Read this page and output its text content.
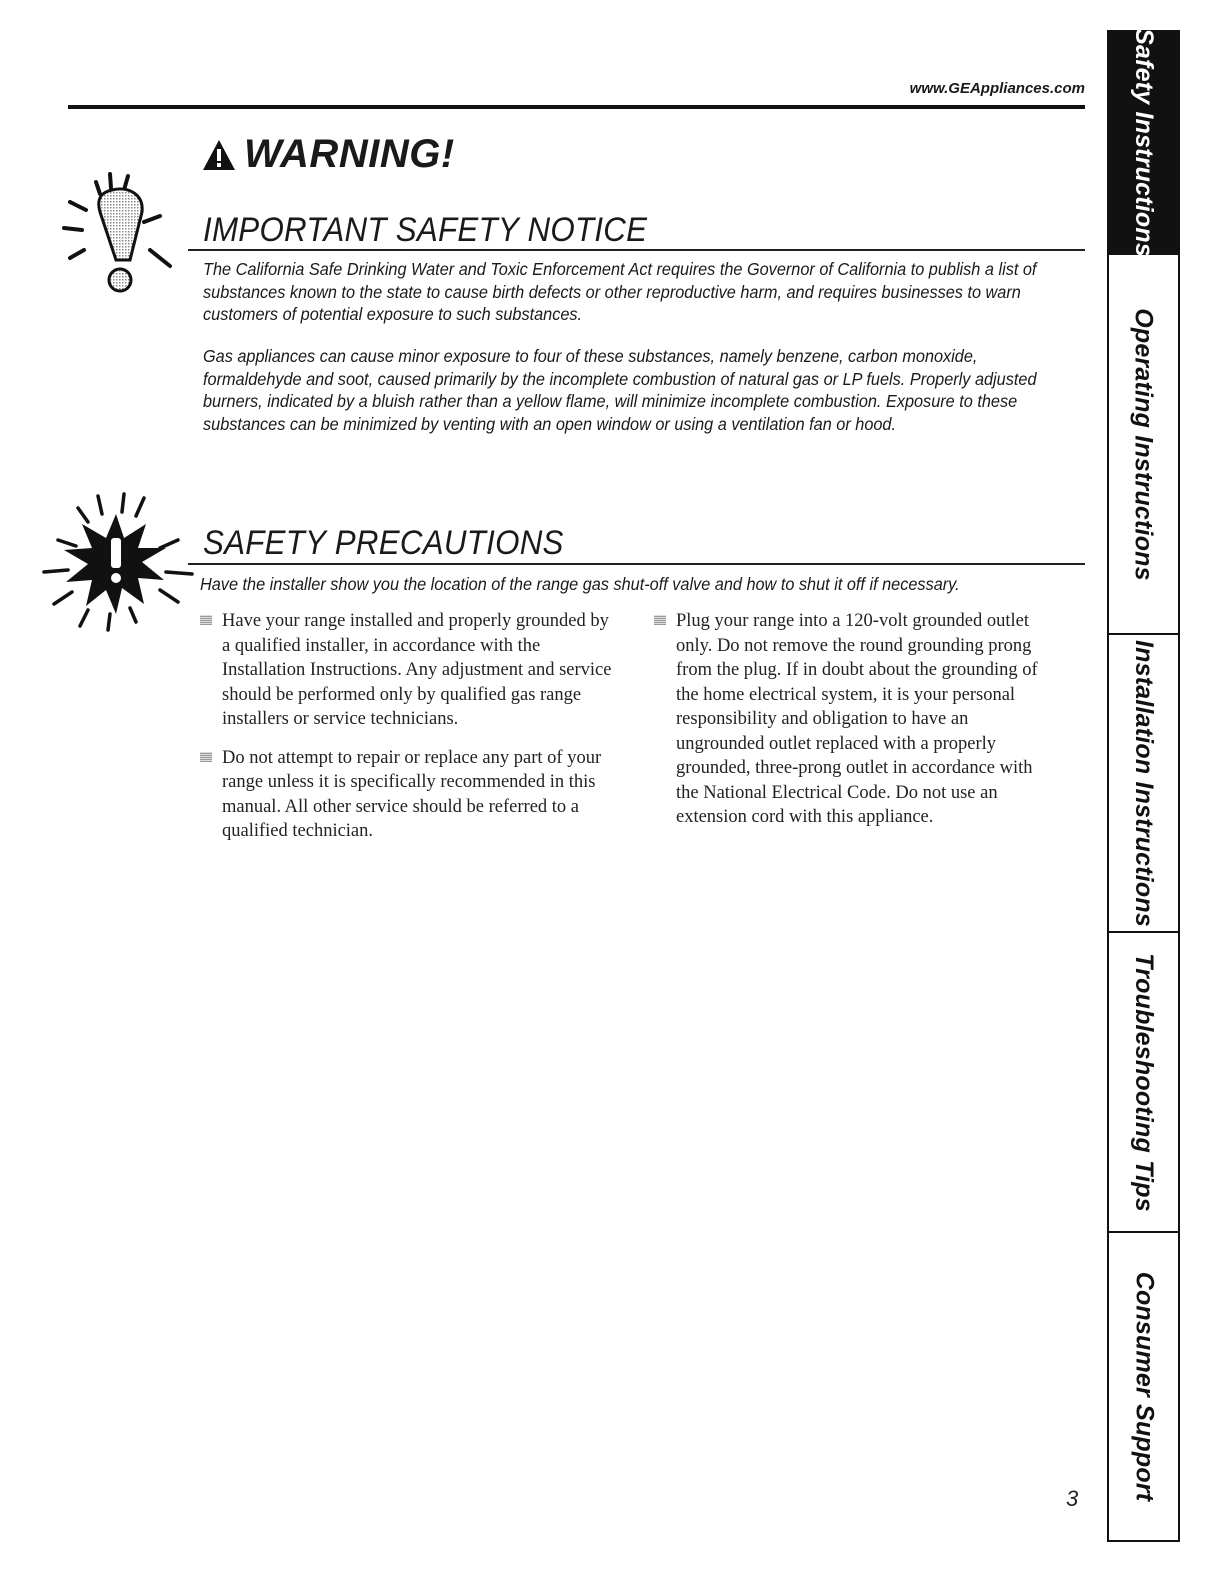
www.GEAppliances.com
WARNING!
IMPORTANT SAFETY NOTICE

The California Safe Drinking Water and Toxic Enforcement Act requires the Governor of California to publish a list of substances known to the state to cause birth defects or other reproductive harm, and requires businesses to warn customers of potential exposure to such substances.

Gas appliances can cause minor exposure to four of these substances, namely benzene, carbon monoxide, formaldehyde and soot, caused primarily by the incomplete combustion of natural gas or LP fuels. Properly adjusted burners, indicated by a bluish rather than a yellow flame, will minimize incomplete combustion. Exposure to these substances can be minimized by venting with an open window or using a ventilation fan or hood.

SAFETY PRECAUTIONS

Have the installer show you the location of the range gas shut-off valve and how to shut it off if necessary.

Have your range installed and properly grounded by a qualified installer, in accordance with the Installation Instructions. Any adjustment and service should be performed only by qualified gas range installers or service technicians.

Do not attempt to repair or replace any part of your range unless it is specifically recommended in this manual. All other service should be referred to a qualified technician.

Plug your range into a 120-volt grounded outlet only. Do not remove the round grounding prong from the plug. If in doubt about the grounding of the home electrical system, it is your personal responsibility and obligation to have an ungrounded outlet replaced with a properly grounded, three-prong outlet in accordance with the National Electrical Code. Do not use an extension cord with this appliance.

Safety Instructions
Operating Instructions
Installation Instructions
Troubleshooting Tips
Consumer Support
3
